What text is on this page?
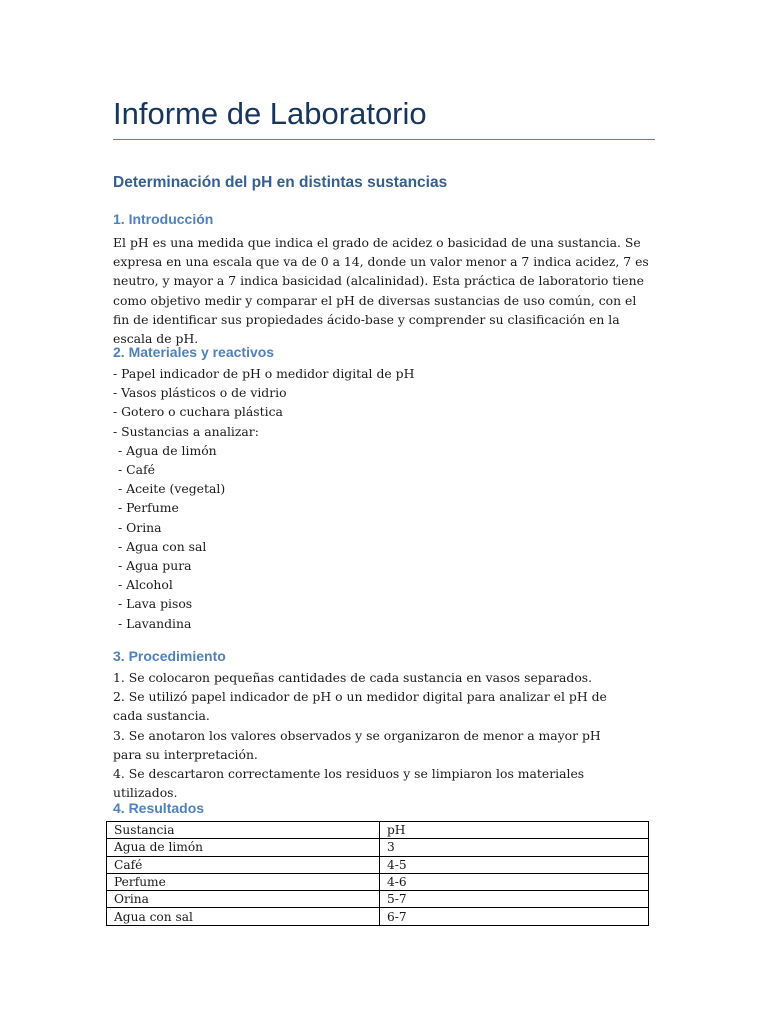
Informe de Laboratorio
Determinación del pH en distintas sustancias
1. Introducción

El pH es una medida que indica el grado de acidez o basicidad de una sustancia. Se expresa en una escala que va de 0 a 14, donde un valor menor a 7 indica acidez, 7 es neutro, y mayor a 7 indica basicidad (alcalinidad). Esta práctica de laboratorio tiene como objetivo medir y comparar el pH de diversas sustancias de uso común, con el fin de identificar sus propiedades ácido-base y comprender su clasificación en la escala de pH.

2. Materiales y reactivos
- Papel indicador de pH o medidor digital de pH
- Vasos plásticos o de vidrio
- Gotero o cuchara plástica
- Sustancias a analizar:
- Agua de limón
- Café
- Aceite (vegetal)
- Perfume
- Orina
- Agua con sal
- Agua pura
- Alcohol
- Lava pisos
- Lavandina
3. Procedimiento
1. Se colocaron pequeñas cantidades de cada sustancia en vasos separados.
2. Se utilizó papel indicador de pH o un medidor digital para analizar el pH de cada sustancia.
3. Se anotaron los valores observados y se organizaron de menor a mayor pH para su interpretación.
4. Se descartaron correctamente los residuos y se limpiaron los materiales utilizados.
4. Resultados
Sustancia	pH
Agua de limón	3
Café	4-5
Perfume	4-6
Orina	5-7
Agua con sal	6-7
